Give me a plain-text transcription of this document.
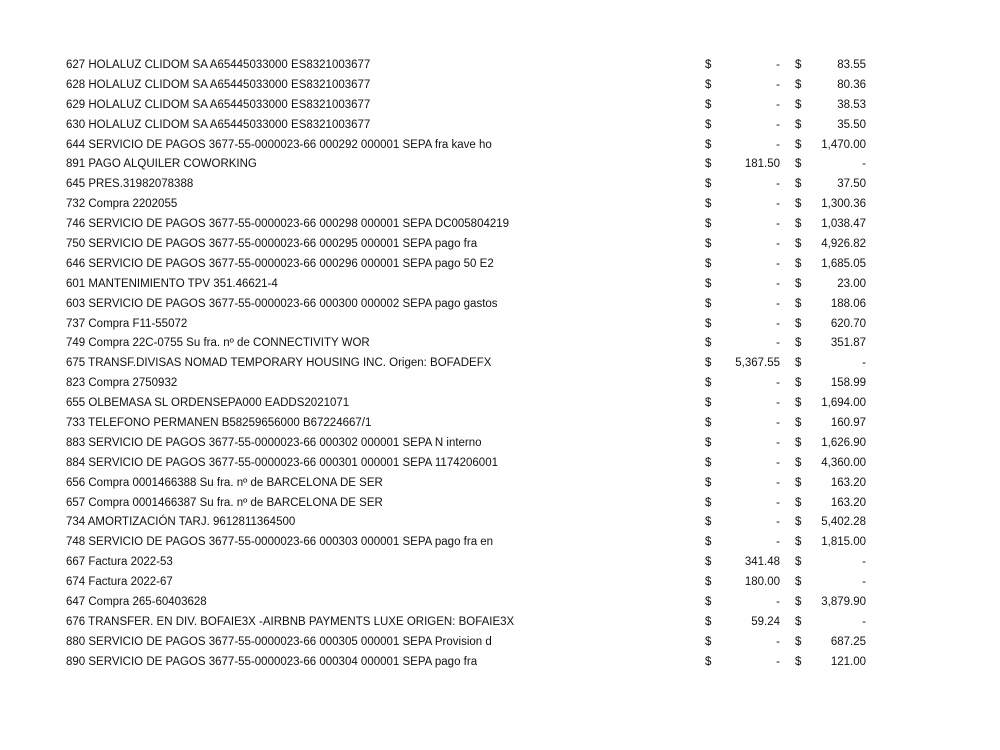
627 HOLALUZ CLIDOM SA A65445033000 ES8321003677	$	- $	83.55
628 HOLALUZ CLIDOM SA A65445033000 ES8321003677	$	- $	80.36
629 HOLALUZ CLIDOM SA A65445033000 ES8321003677	$	- $	38.53
630 HOLALUZ CLIDOM SA A65445033000 ES8321003677	$	- $	35.50
644 SERVICIO DE PAGOS 3677-55-0000023-66 000292 000001 SEPA fra kave ho	$	- $	1,470.00
891 PAGO ALQUILER COWORKING	$	181.50 $	-
645 PRES.31982078388	$	- $	37.50
732 Compra 2202055	$	- $	1,300.36
746 SERVICIO DE PAGOS 3677-55-0000023-66 000298 000001 SEPA DC005804219	$	- $	1,038.47
750 SERVICIO DE PAGOS 3677-55-0000023-66 000295 000001 SEPA pago fra	$	- $	4,926.82
646 SERVICIO DE PAGOS 3677-55-0000023-66 000296 000001 SEPA pago 50 E2	$	- $	1,685.05
601 MANTENIMIENTO TPV 351.46621-4	$	- $	23.00
603 SERVICIO DE PAGOS 3677-55-0000023-66 000300 000002 SEPA pago gastos	$	- $	188.06
737 Compra F11-55072	$	- $	620.70
749 Compra 22C-0755 Su fra. nº de CONNECTIVITY WOR	$	- $	351.87
675 TRANSF.DIVISAS NOMAD TEMPORARY HOUSING INC. Origen: BOFADEFX	$	5,367.55 $	-
823 Compra 2750932	$	- $	158.99
655 OLBEMASA SL ORDENSEPA000 EADDS2021071	$	- $	1,694.00
733 TELEFONO PERMANEN B58259656000 B67224667/1	$	- $	160.97
883 SERVICIO DE PAGOS 3677-55-0000023-66 000302 000001 SEPA N interno	$	- $	1,626.90
884 SERVICIO DE PAGOS 3677-55-0000023-66 000301 000001 SEPA 1174206001	$	- $	4,360.00
656 Compra 0001466388 Su fra. nº de BARCELONA DE SER	$	- $	163.20
657 Compra 0001466387 Su fra. nº de BARCELONA DE SER	$	- $	163.20
734 AMORTIZACIÓN TARJ. 9612811364500	$	- $	5,402.28
748 SERVICIO DE PAGOS 3677-55-0000023-66 000303 000001 SEPA pago fra en	$	- $	1,815.00
667 Factura 2022-53	$	341.48 $	-
674 Factura 2022-67	$	180.00 $	-
647 Compra 265-60403628	$	- $	3,879.90
676 TRANSFER. EN DIV. BOFAIE3X -AIRBNB PAYMENTS LUXE ORIGEN: BOFAIE3X	$	59.24 $	-
880 SERVICIO DE PAGOS 3677-55-0000023-66 000305 000001 SEPA Provision d	$	- $	687.25
890 SERVICIO DE PAGOS 3677-55-0000023-66 000304 000001 SEPA pago fra	$	- $	121.00
